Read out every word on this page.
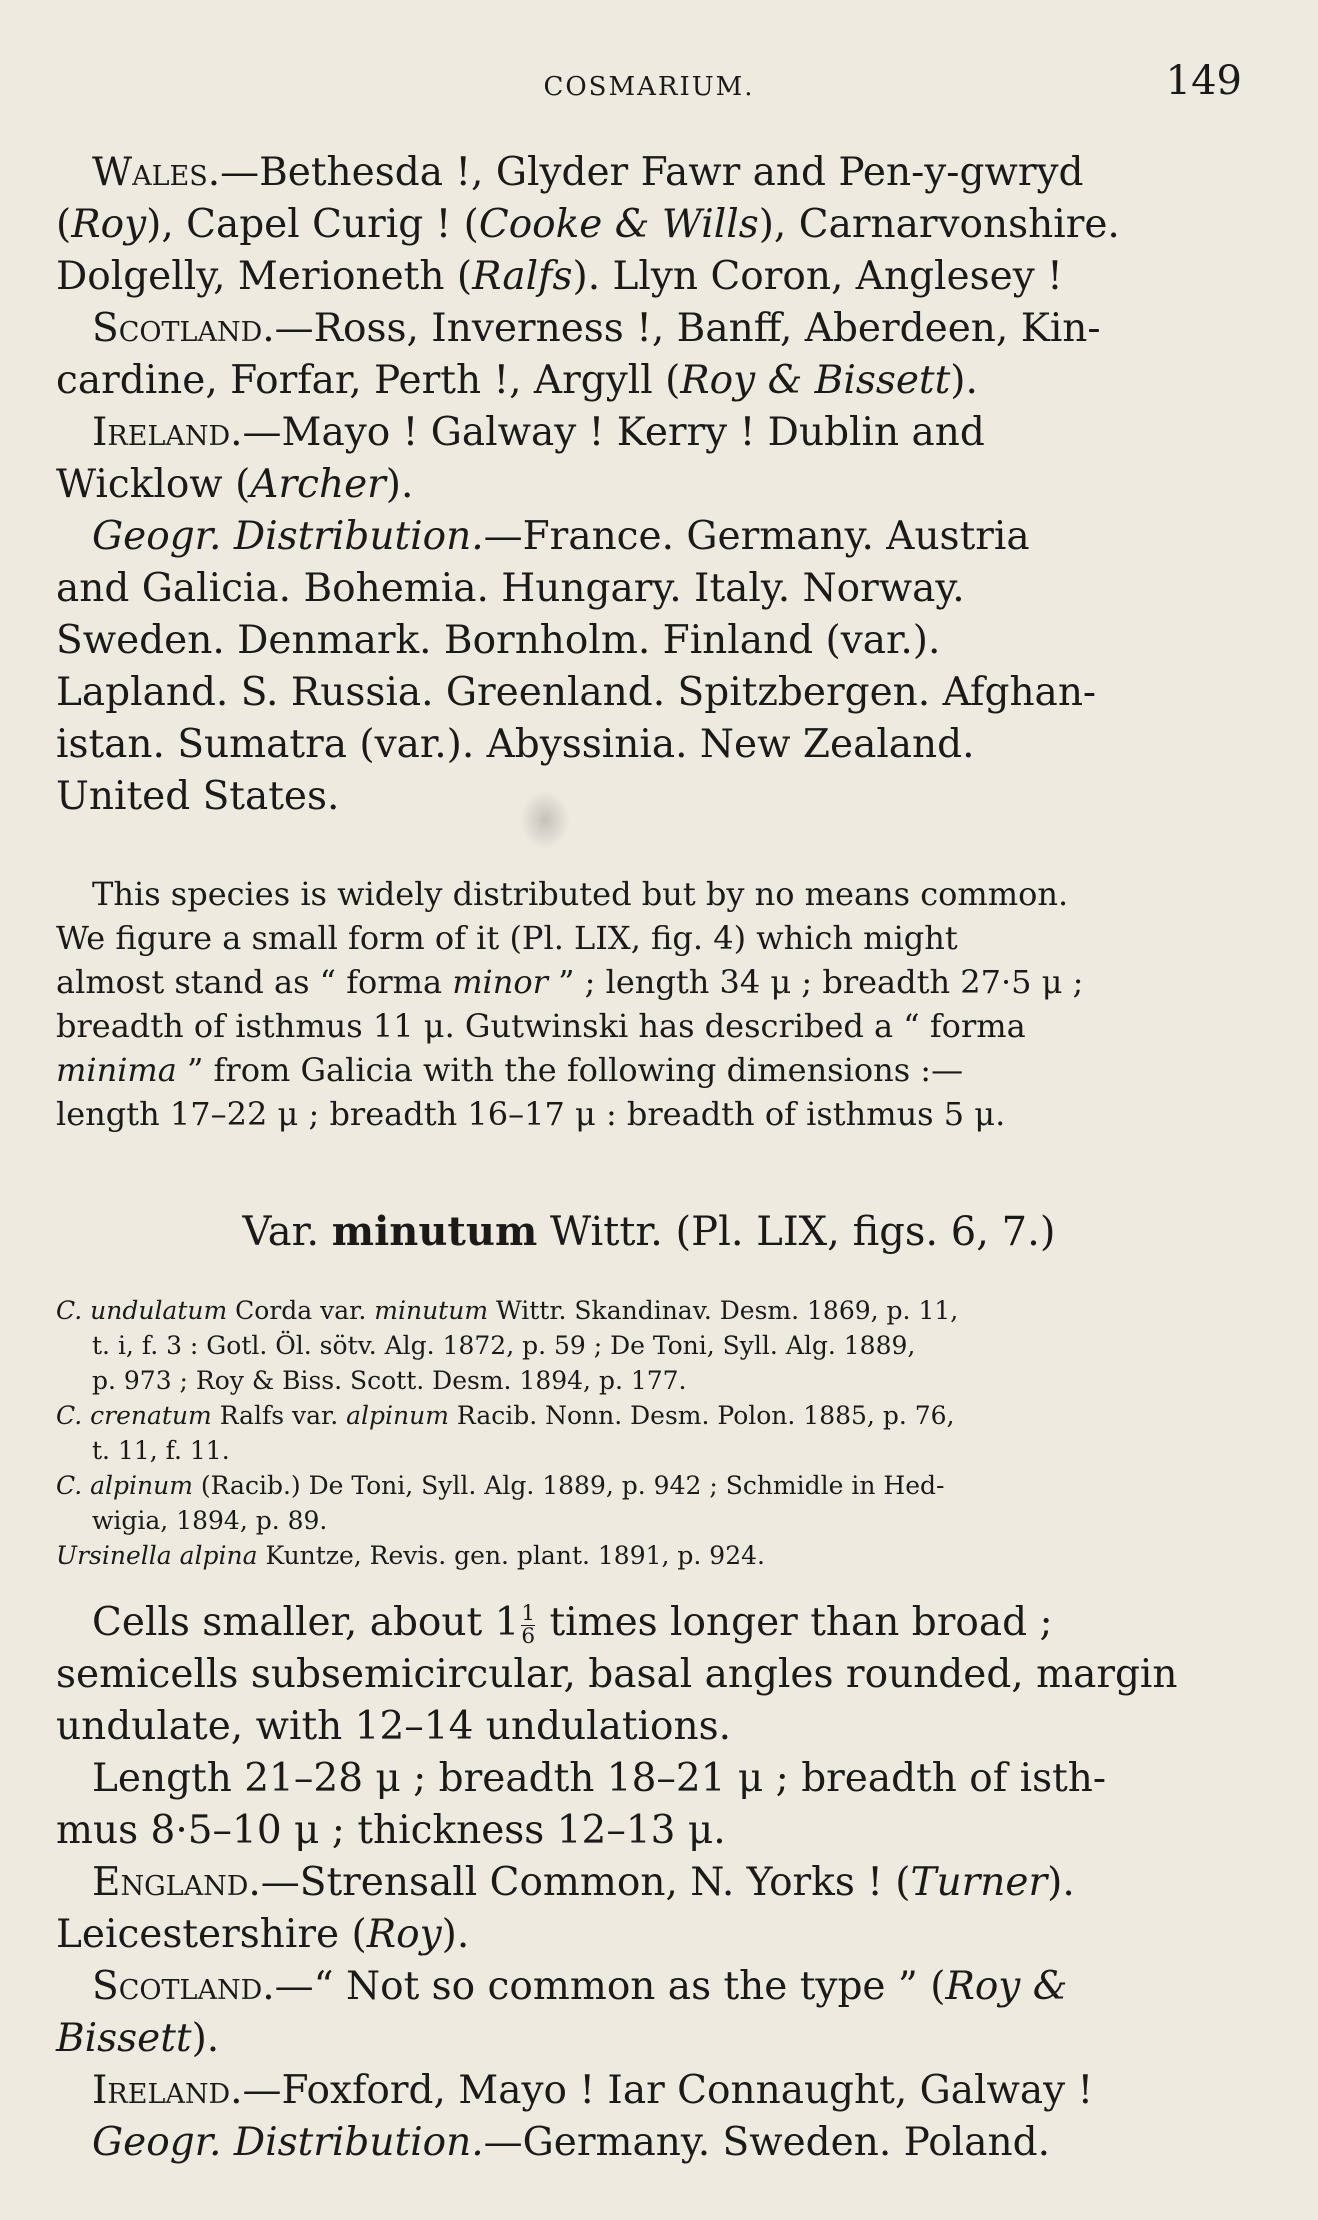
COSMARIUM.	149
Wales.—Bethesda !, Glyder Fawr and Pen-y-gwryd
(Roy), Capel Curig ! (Cooke & Wills), Carnarvonshire.
Dolgelly, Merioneth (Ralfs). Llyn Coron, Anglesey !
Scotland.—Ross, Inverness !, Banff, Aberdeen, Kin-
cardine, Forfar, Perth !, Argyll (Roy & Bissett).
Ireland.—Mayo ! Galway ! Kerry ! Dublin and
Wicklow (Archer).
Geogr. Distribution.—France. Germany. Austria
and Galicia. Bohemia. Hungary. Italy. Norway.
Sweden. Denmark. Bornholm. Finland (var.).
Lapland. S. Russia. Greenland. Spitzbergen. Afghan-
istan. Sumatra (var.). Abyssinia. New Zealand.
United States.
This species is widely distributed but by no means common.
We figure a small form of it (Pl. LIX, fig. 4) which might
almost stand as “ forma minor ” ; length 34 μ ; breadth 27·5 μ ;
breadth of isthmus 11 μ. Gutwinski has described a “ forma
minima ” from Galicia with the following dimensions :—
length 17–22 μ ; breadth 16–17 μ : breadth of isthmus 5 μ.
Var. minutum Wittr. (Pl. LIX, figs. 6, 7.)
C. undulatum Corda var. minutum Wittr. Skandinav. Desm. 1869, p. 11,
t. i, f. 3 : Gotl. Öl. sötv. Alg. 1872, p. 59 ; De Toni, Syll. Alg. 1889,
p. 973 ; Roy & Biss. Scott. Desm. 1894, p. 177.
C. crenatum Ralfs var. alpinum Racib. Nonn. Desm. Polon. 1885, p. 76,
t. 11, f. 11.
C. alpinum (Racib.) De Toni, Syll. Alg. 1889, p. 942 ; Schmidle in Hed-
wigia, 1894, p. 89.
Ursinella alpina Kuntze, Revis. gen. plant. 1891, p. 924.
Cells smaller, about $1 \frac{1}{6}$ times longer than broad ;
semicells subsemicircular, basal angles rounded, margin
undulate, with 12–14 undulations.
Length 21–28 μ ; breadth 18–21 μ ; breadth of isth-
mus 8·5–10 μ ; thickness 12–13 μ.
England.—Strensall Common, N. Yorks ! (Turner).
Leicestershire (Roy).
Scotland.—“ Not so common as the type ” (Roy &
Bissett).
Ireland.—Foxford, Mayo ! Iar Connaught, Galway !
Geogr. Distribution.—Germany. Sweden. Poland.
